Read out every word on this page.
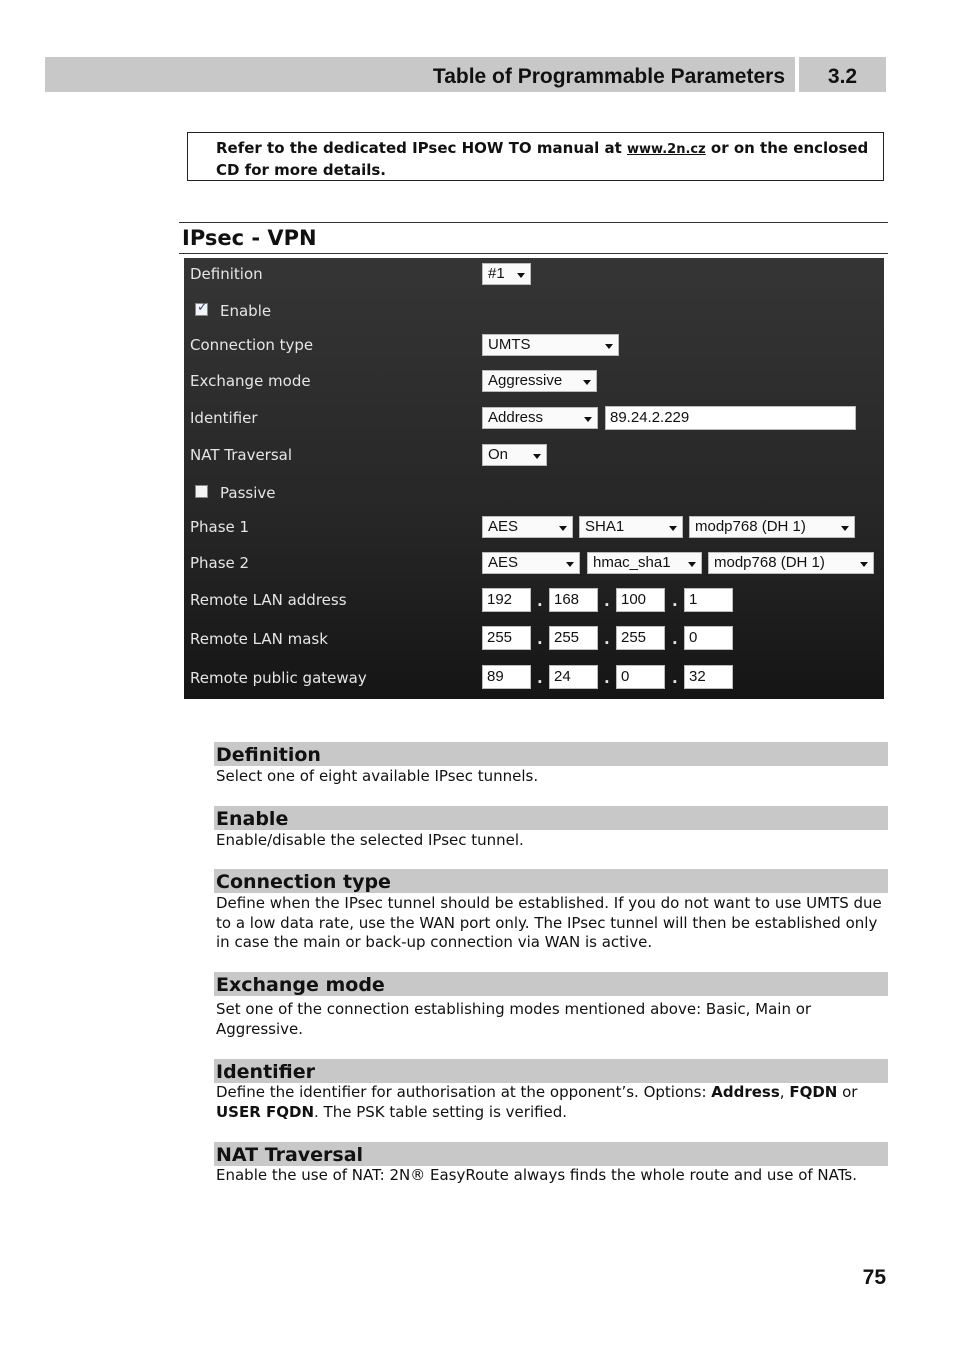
Table of Programmable Parameters	3.2
Refer to the dedicated IPsec HOW TO manual at www.2n.cz or on the enclosed CD for more details.
IPsec - VPN
Definition	#1
✓ Enable
Connection type	UMTS
Exchange mode	Aggressive
Identifier	Address	89.24.2.229
NAT Traversal	On
Passive
Phase 1	AES	SHA1	modp768 (DH 1)
Phase 2	AES	hmac_sha1	modp768 (DH 1)
Remote LAN address	192	. 168	. 100	. 1
Remote LAN mask	255	. 255	. 255	. 0
Remote public gateway	89	. 24	. 0	. 32
Definition
Select one of eight available IPsec tunnels.
Enable
Enable/disable the selected IPsec tunnel.
Connection type
Define when the IPsec tunnel should be established. If you do not want to use UMTS due to a low data rate, use the WAN port only. The IPsec tunnel will then be established only in case the main or back-up connection via WAN is active.
Exchange mode
Set one of the connection establishing modes mentioned above: Basic, Main or Aggressive.
Identifier
Define the identifier for authorisation at the opponent’s. Options: Address, FQDN or USER FQDN. The PSK table setting is verified.
NAT Traversal
Enable the use of NAT: 2N® EasyRoute always finds the whole route and use of NATs.
75
